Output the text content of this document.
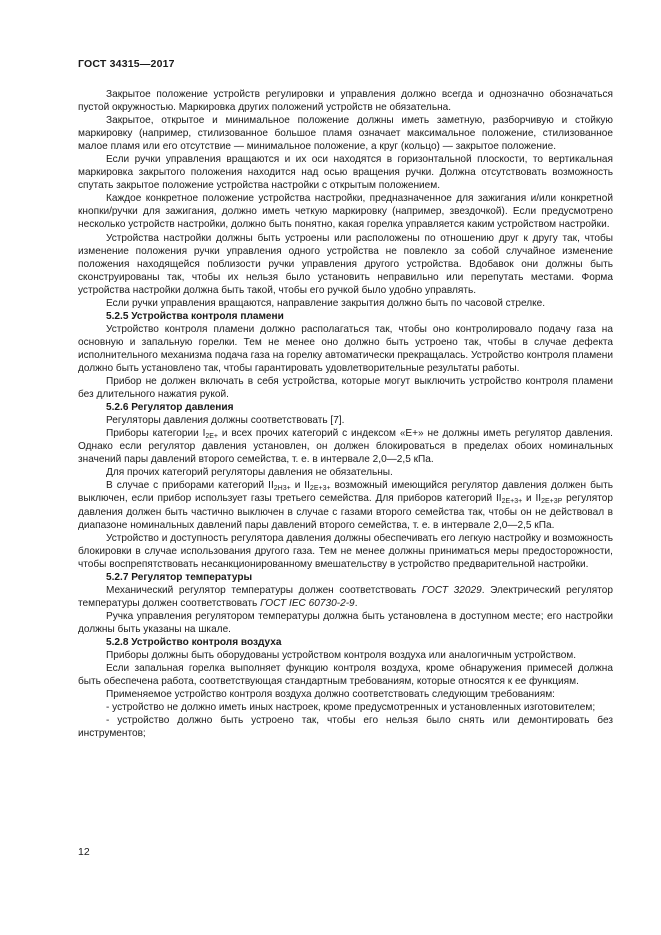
ГОСТ 34315—2017

Закрытое положение устройств регулировки и управления должно всегда и однозначно обозначаться пустой окружностью. Маркировка других положений устройств не обязательна.

Закрытое, открытое и минимальное положение должны иметь заметную, разборчивую и стойкую маркировку (например, стилизованное большое пламя означает максимальное положение, стилизованное малое пламя или его отсутствие — минимальное положение, а круг (кольцо) — закрытое положение.

Если ручки управления вращаются и их оси находятся в горизонтальной плоскости, то вертикальная маркировка закрытого положения находится над осью вращения ручки. Должна отсутствовать возможность спутать закрытое положение устройства настройки с открытым положением.

Каждое конкретное положение устройства настройки, предназначенное для зажигания и/или конкретной кнопки/ручки для зажигания, должно иметь четкую маркировку (например, звездочкой). Если предусмотрено несколько устройств настройки, должно быть понятно, какая горелка управляется каким устройством настройки.

Устройства настройки должны быть устроены или расположены по отношению друг к другу так, чтобы изменение положения ручки управления одного устройства не повлекло за собой случайное изменение положения находящейся поблизости ручки управления другого устройства. Вдобавок они должны быть сконструированы так, чтобы их нельзя было установить неправильно или перепутать местами. Форма устройства настройки должна быть такой, чтобы его ручкой было удобно управлять.

Если ручки управления вращаются, направление закрытия должно быть по часовой стрелке.

5.2.5 Устройства контроля пламени

Устройство контроля пламени должно располагаться так, чтобы оно контролировало подачу газа на основную и запальную горелки. Тем не менее оно должно быть устроено так, чтобы в случае дефекта исполнительного механизма подача газа на горелку автоматически прекращалась. Устройство контроля пламени должно быть установлено так, чтобы гарантировать удовлетворительные результаты работы.

Прибор не должен включать в себя устройства, которые могут выключить устройство контроля пламени без длительного нажатия рукой.

5.2.6 Регулятор давления

Регуляторы давления должны соответствовать [7].

Приборы категории $I_{2E+}$ и всех прочих категорий с индексом «Е+» не должны иметь регулятор давления. Однако если регулятор давления установлен, он должен блокироваться в пределах обоих номинальных значений пары давлений второго семейства, т. е. в интервале 2,0—2,5 кПа.

Для прочих категорий регуляторы давления не обязательны.

В случае с приборами категорий $II_{2H3+}$ и $II_{2E+3+}$ возможный имеющийся регулятор давления должен быть выключен, если прибор использует газы третьего семейства. Для приборов категорий $II_{2E+3+}$ и $II_{2E+3P}$ регулятор давления должен быть частично выключен в случае с газами второго семейства так, чтобы он не действовал в диапазоне номинальных давлений пары давлений второго семейства, т. е. в интервале 2,0—2,5 кПа.

Устройство и доступность регулятора давления должны обеспечивать его легкую настройку и возможность блокировки в случае использования другого газа. Тем не менее должны приниматься меры предосторожности, чтобы воспрепятствовать несанкционированному вмешательству в устройство предварительной настройки.

5.2.7 Регулятор температуры

Механический регулятор температуры должен соответствовать ГОСТ 32029. Электрический регулятор температуры должен соответствовать ГОСТ IEC 60730-2-9.

Ручка управления регулятором температуры должна быть установлена в доступном месте; его настройки должны быть указаны на шкале.

5.2.8 Устройство контроля воздуха

Приборы должны быть оборудованы устройством контроля воздуха или аналогичным устройством.

Если запальная горелка выполняет функцию контроля воздуха, кроме обнаружения примесей должна быть обеспечена работа, соответствующая стандартным требованиям, которые относятся к ее функциям.

Применяемое устройство контроля воздуха должно соответствовать следующим требованиям:

- устройство не должно иметь иных настроек, кроме предусмотренных и установленных изготовителем;

- устройство должно быть устроено так, чтобы его нельзя было снять или демонтировать без инструментов;

12
